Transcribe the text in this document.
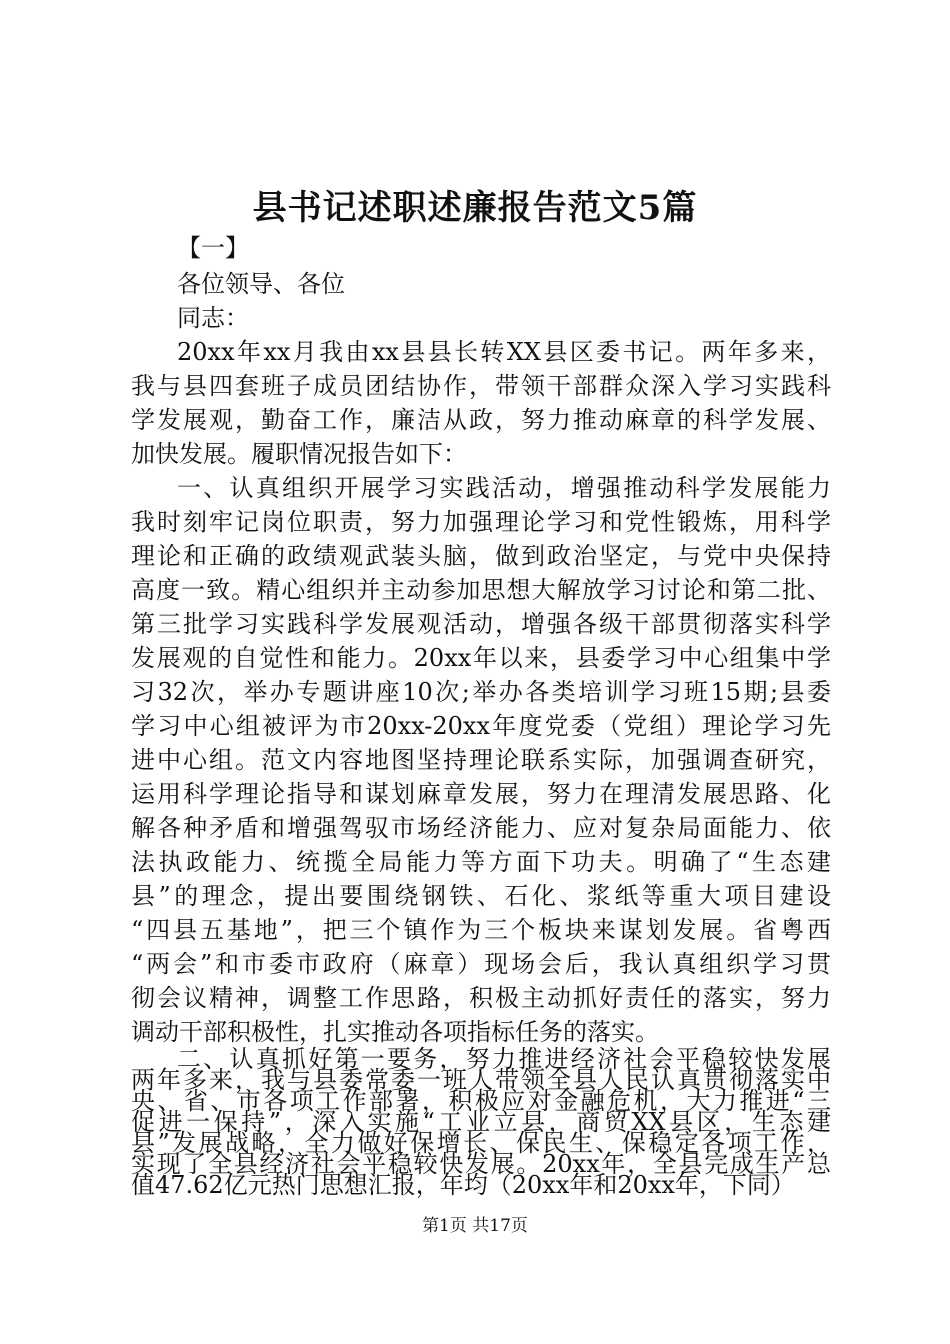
县书记述职述廉报告范文5篇
【一】
各位领导、各位
同志：
20xx年xx月我由xx县县长转XX县区委书记。两年多来，
我与县四套班子成员团结协作，带领干部群众深入学习实践科
学发展观，勤奋工作，廉洁从政，努力推动麻章的科学发展、
加快发展。履职情况报告如下：
一、认真组织开展学习实践活动，增强推动科学发展能力
我时刻牢记岗位职责，努力加强理论学习和党性锻炼，用科学
理论和正确的政绩观武装头脑，做到政治坚定，与党中央保持
高度一致。精心组织并主动参加思想大解放学习讨论和第二批、
第三批学习实践科学发展观活动，增强各级干部贯彻落实科学
发展观的自觉性和能力。20xx年以来，县委学习中心组集中学
习32次，举办专题讲座10次;举办各类培训学习班15期;县委
学习中心组被评为市20xx-20xx年度党委（党组）理论学习先
进中心组。范文内容地图坚持理论联系实际，加强调查研究，
运用科学理论指导和谋划麻章发展，努力在理清发展思路、化
解各种矛盾和增强驾驭市场经济能力、应对复杂局面能力、依
法执政能力、统揽全局能力等方面下功夫。明确了“生态建
县”的理念，提出要围绕钢铁、石化、浆纸等重大项目建设
“四县五基地”，把三个镇作为三个板块来谋划发展。省粤西
“两会”和市委市政府（麻章）现场会后，我认真组织学习贯
彻会议精神，调整工作思路，积极主动抓好责任的落实，努力
调动干部积极性，扎实推动各项指标任务的落实。
第1页 共17页
二、认真抓好第一要务，努力推进经济社会平稳较快发展
两年多来，我与县委常委一班人带领全县人民认真贯彻落实中
央、省、市各项工作部署，积极应对金融危机，大力推进“三
促进一保持”，深入实施“工业立县，商贸XX县区，生态建
县”发展战略，全力做好保增长、保民生、保稳定各项工作，
实现了全县经济社会平稳较快发展。20xx年，全县完成生产总
值47.62亿元热门思想汇报，年均（20xx年和20xx年，下同）
